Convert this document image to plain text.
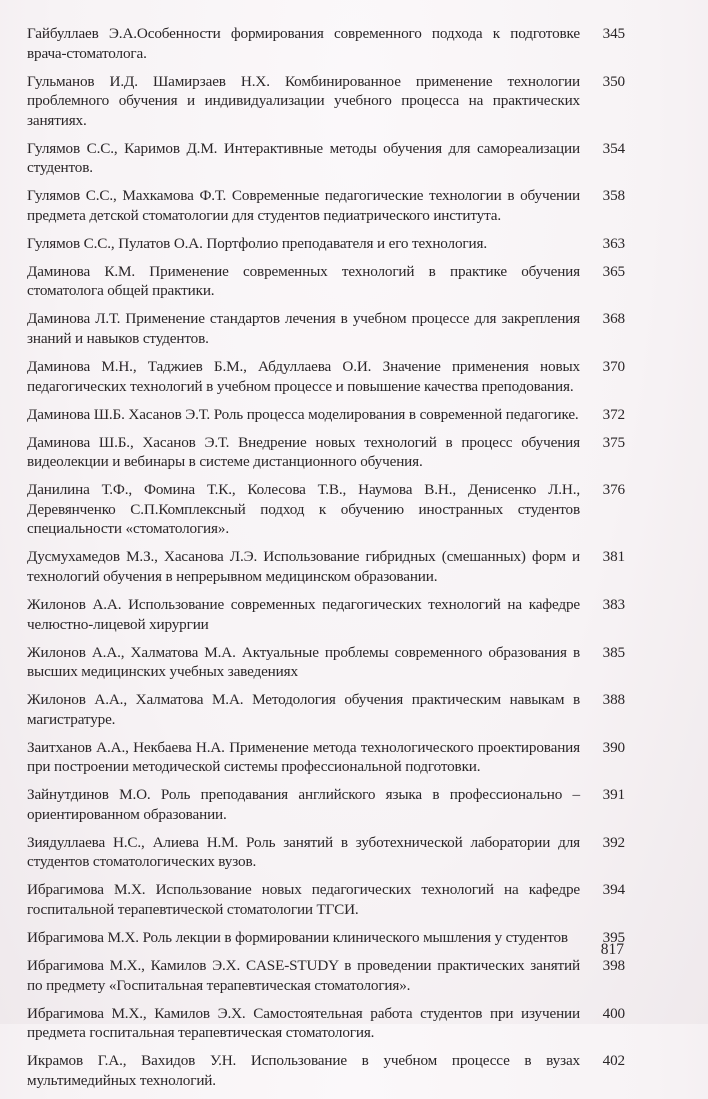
Гайбуллаев Э.А.Особенности формирования современного подхода к подготовке врача-стоматолога.
345
Гульманов И.Д. Шамирзаев Н.Х. Комбинированное применение технологии проблемного обучения и индивидуализации учебного процесса на практических занятиях.
350
Гулямов С.С., Каримов Д.М. Интерактивные методы обучения для самореализации студентов.
354
Гулямов С.С., Махкамова Ф.Т. Современные педагогические технологии в обучении предмета детской стоматологии для студентов педиатрического института.
358
Гулямов С.С., Пулатов О.А. Портфолио преподавателя и его технология.	363
Даминова К.М. Применение современных технологий в практике обучения стоматолога общей практики.
365
Даминова Л.Т. Применение стандартов лечения в учебном процессе для закрепления знаний и навыков студентов.
368
Даминова М.Н., Таджиев Б.М., Абдуллаева О.И. Значение применения новых педагогических технологий в учебном процессе и повышение качества преподования.
370
Даминова Ш.Б. Хасанов Э.Т. Роль процесса моделирования в современной педагогике.	372
Даминова Ш.Б., Хасанов Э.Т. Внедрение новых технологий в процесс обучения видеолекции и вебинары в системе дистанционного обучения.
375
Данилина Т.Ф., Фомина Т.К., Колесова Т.В., Наумова В.Н., Денисенко Л.Н., Деревянченко С.П.Комплексный подход к обучению иностранных студентов специальности «стоматология».
376
Дусмухамедов М.З., Хасанова Л.Э. Использование гибридных (смешанных) форм и технологий обучения в непрерывном медицинском образовании.
381
Жилонов А.А. Использование современных педагогических технологий на кафедре челюстно-лицевой хирургии
383
Жилонов А.А., Халматова М.А. Актуальные проблемы современного образования в высших медицинских учебных заведениях
385
Жилонов А.А., Халматова М.А. Методология обучения практическим навыкам в магистратуре.
388
Заитханов А.А., Некбаева Н.А. Применение метода технологического проектирования при построении методической системы профессиональной подготовки.
390
Зайнутдинов М.О. Роль преподавания английского языка в профессионально – ориентированном образовании.
391
Зиядуллаева Н.С., Алиева Н.М. Роль занятий в зуботехнической лаборатории для студентов стоматологических вузов.
392
Ибрагимова М.Х. Использование новых педагогических технологий на кафедре госпитальной терапевтической стоматологии ТГСИ.
394
Ибрагимова М.Х. Роль лекции в формировании клинического мышления у студентов	395
Ибрагимова М.Х., Камилов Э.Х. CASE-STUDY в проведении практических занятий по предмету «Госпитальная терапевтическая стоматология».
398
Ибрагимова М.Х., Камилов Э.Х. Самостоятельная работа студентов при изучении предмета госпитальная терапевтическая стоматология.
400
Икрамов Г.А., Вахидов У.Н. Использование в учебном процессе в вузах мультимедийных технологий.
402
817
